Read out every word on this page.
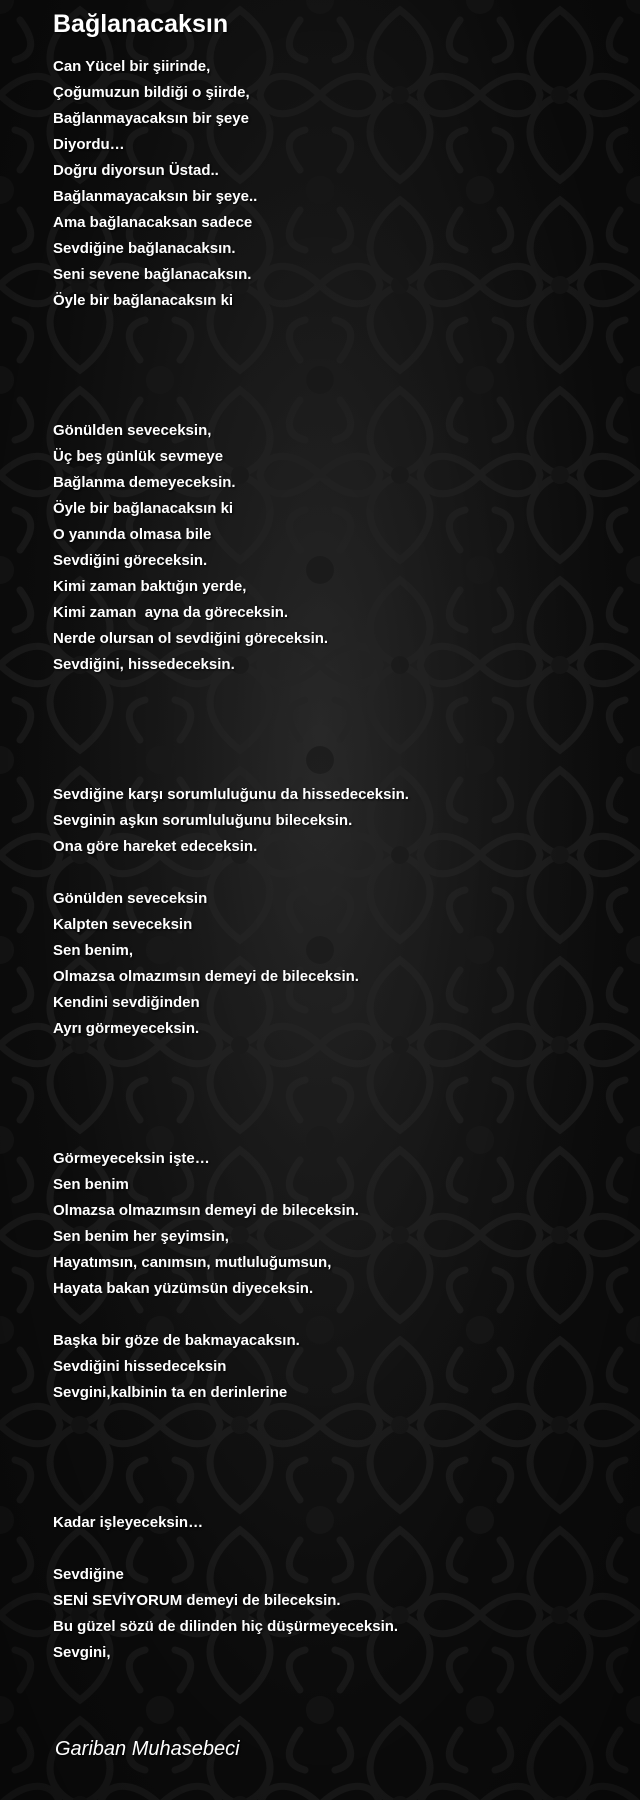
Bağlanacaksın
Can Yücel bir şiirinde,
Çoğumuzun bildiği o şiirde,
Bağlanmayacaksın bir şeye
Diyordu…
Doğru diyorsun Üstad..
Bağlanmayacaksın bir şeye..
Ama bağlanacaksan sadece
Sevdiğine bağlanacaksın.
Seni sevene bağlanacaksın.
Öyle bir bağlanacaksın ki
Gönülden seveceksin,
Üç beş günlük sevmeye
Bağlanma demeyeceksin.
Öyle bir bağlanacaksın ki
O yanında olmasa bile
Sevdiğini göreceksin.
Kimi zaman baktığın yerde,
Kimi zaman  ayna da göreceksin.
Nerde olursan ol sevdiğini göreceksin.
Sevdiğini, hissedeceksin.
Sevdiğine karşı sorumluluğunu da hissedeceksin.
Sevginin aşkın sorumluluğunu bileceksin.
Ona göre hareket edeceksin.
Gönülden seveceksin
Kalpten seveceksin
Sen benim,
Olmazsa olmazımsın demeyi de bileceksin.
Kendini sevdiğinden
Ayrı görmeyeceksin.
Görmeyeceksin işte…
Sen benim
Olmazsa olmazımsın demeyi de bileceksin.
Sen benim her şeyimsin,
Hayatımsın, canımsın, mutluluğumsun,
Hayata bakan yüzümsün diyeceksin.
Başka bir göze de bakmayacaksın.
Sevdiğini hissedeceksin
Sevgini,kalbinin ta en derinlerine
Kadar işleyeceksin…
Sevdiğine
SENİ SEVİYORUM demeyi de bileceksin.
Bu güzel sözü de dilinden hiç düşürmeyeceksin.
Sevgini,
Gariban Muhasebeci
